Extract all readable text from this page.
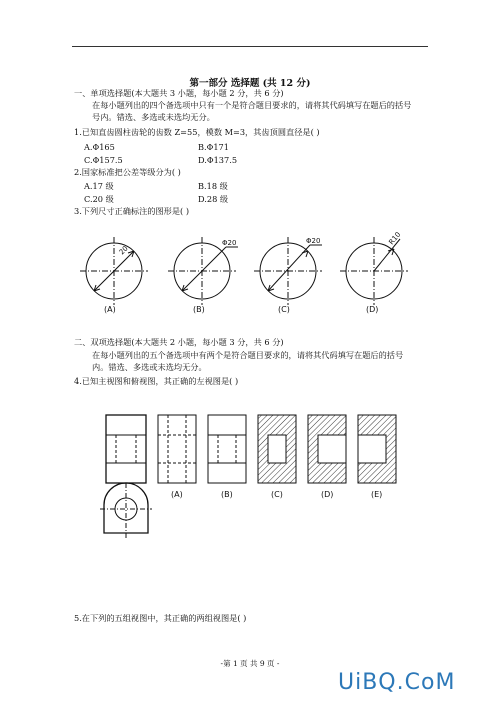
第一部分 选择题 (共 12 分)
一、单项选择题(本大题共 3 小题，每小题 2 分，共 6 分)
在每小题列出的四个备选项中只有一个是符合题目要求的，请将其代码填写在题后的括号
号内。错选、多选或未选均无分。
1.已知直齿圆柱齿轮的齿数 Z=55，模数 M=3，其齿顶圆直径是( )
A.Φ165	B.Φ171
C.Φ157.5	D.Φ137.5
2.国家标准把公差等级分为( )
A.17 级	B.18 级
C.20 级	D.28 级
3.下列尺寸正确标注的图形是( )
20
Φ20	Φ20	R10
(A)	(B)	(C)	(D)
二、双项选择题(本大题共 2 小题，每小题 3 分，共 6 分)
在每小题列出的五个备选项中有两个是符合题目要求的，请将其代码填写在题后的括号
内。错选、多选或未选均无分。
4.已知主视图和俯视图，其正确的左视图是( )
(A)	(B)	(C)	(D)	(E)
5.在下列的五组视图中，其正确的两组视图是( )
-第 1 页 共 9 页 -
UiBQ.CoM
